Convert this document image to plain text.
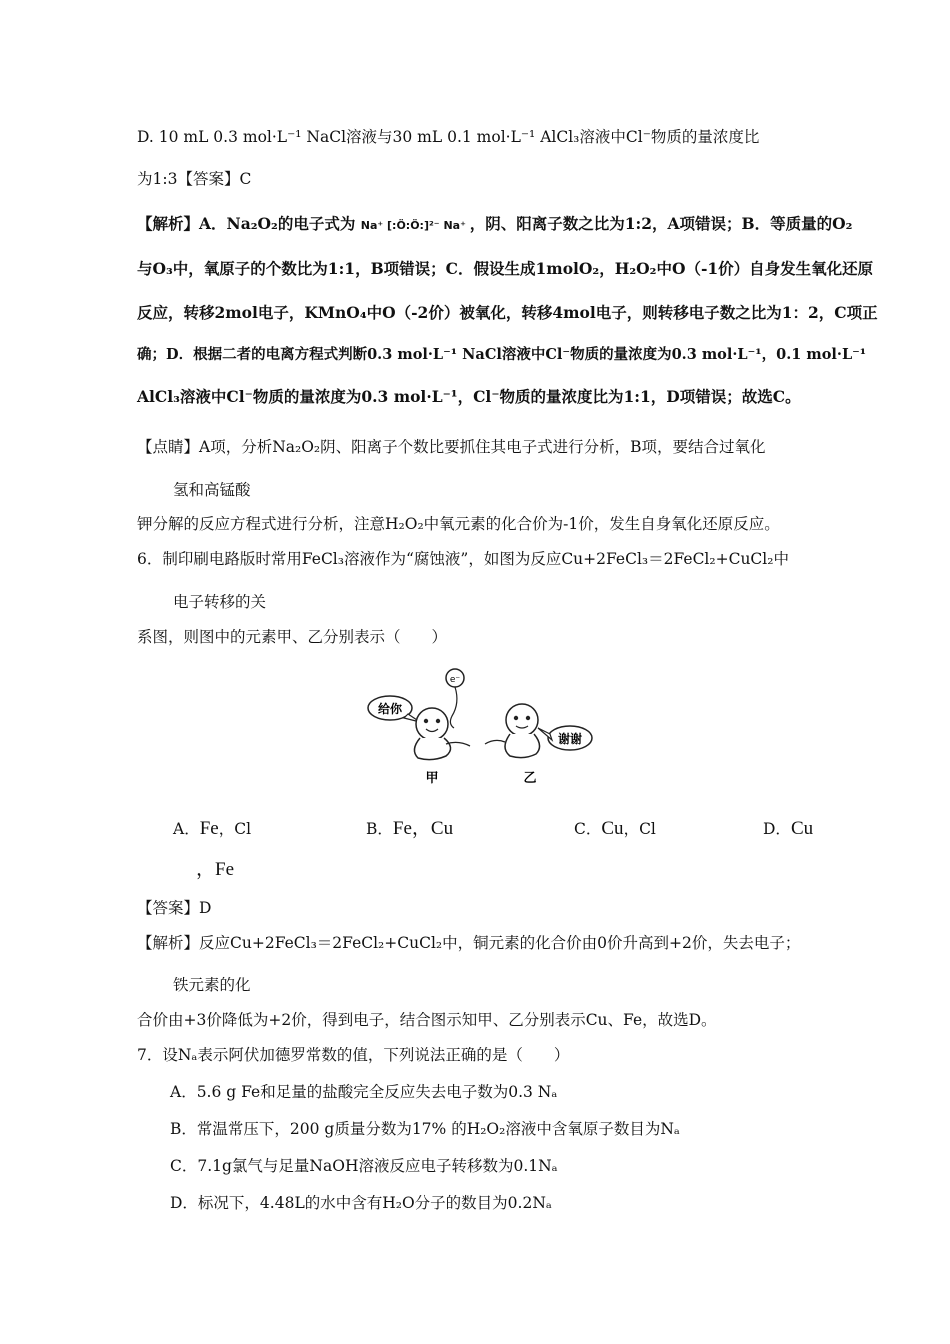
D. 10 mL 0.3 mol·L⁻¹ NaCl溶液与30 mL 0.1 mol·L⁻¹ AlCl₃溶液中Cl⁻物质的量浓度比
为1:3【答案】C
【解析】A．Na₂O₂的电子式为 Na⁺ [:Ö:Ö:]²⁻ Na⁺ ，阴、阳离子数之比为1:2，A项错误；B．等质量的O₂
与O₃中，氧原子的个数比为1:1，B项错误；C．假设生成1molO₂，H₂O₂中O（-1价）自身发生氧化还原
反应，转移2mol电子，KMnO₄中O（-2价）被氧化，转移4mol电子，则转移电子数之比为1：2，C项正
确；D．根据二者的电离方程式判断0.3 mol·L⁻¹ NaCl溶液中Cl⁻物质的量浓度为0.3 mol·L⁻¹，0.1 mol·L⁻¹
AlCl₃溶液中Cl⁻物质的量浓度为0.3 mol·L⁻¹，Cl⁻物质的量浓度比为1:1，D项错误；故选C。
【点睛】A项，分析Na₂O₂阴、阳离子个数比要抓住其电子式进行分析，B项，要结合过氧化
氢和高锰酸
钾分解的反应方程式进行分析，注意H₂O₂中氧元素的化合价为-1价，发生自身氧化还原反应。
6．制印刷电路版时常用FeCl₃溶液作为“腐蚀液”，如图为反应Cu+2FeCl₃＝2FeCl₂+CuCl₂中
电子转移的关
系图，则图中的元素甲、乙分别表示（　　）
给你
e⁻
谢谢
甲	乙
A．Fe，Cl	B．Fe，Cu	C．Cu，Cl	D．Cu
，Fe
【答案】D
【解析】反应Cu+2FeCl₃＝2FeCl₂+CuCl₂中，铜元素的化合价由0价升高到+2价，失去电子；
铁元素的化
合价由+3价降低为+2价，得到电子，结合图示知甲、乙分别表示Cu、Fe，故选D。
7．设Nₐ表示阿伏加德罗常数的值，下列说法正确的是（　　）
A．5.6 g Fe和足量的盐酸完全反应失去电子数为0.3 Nₐ
B．常温常压下，200 g质量分数为17% 的H₂O₂溶液中含氧原子数目为Nₐ
C．7.1g氯气与足量NaOH溶液反应电子转移数为0.1Nₐ
D．标况下，4.48L的水中含有H₂O分子的数目为0.2Nₐ
